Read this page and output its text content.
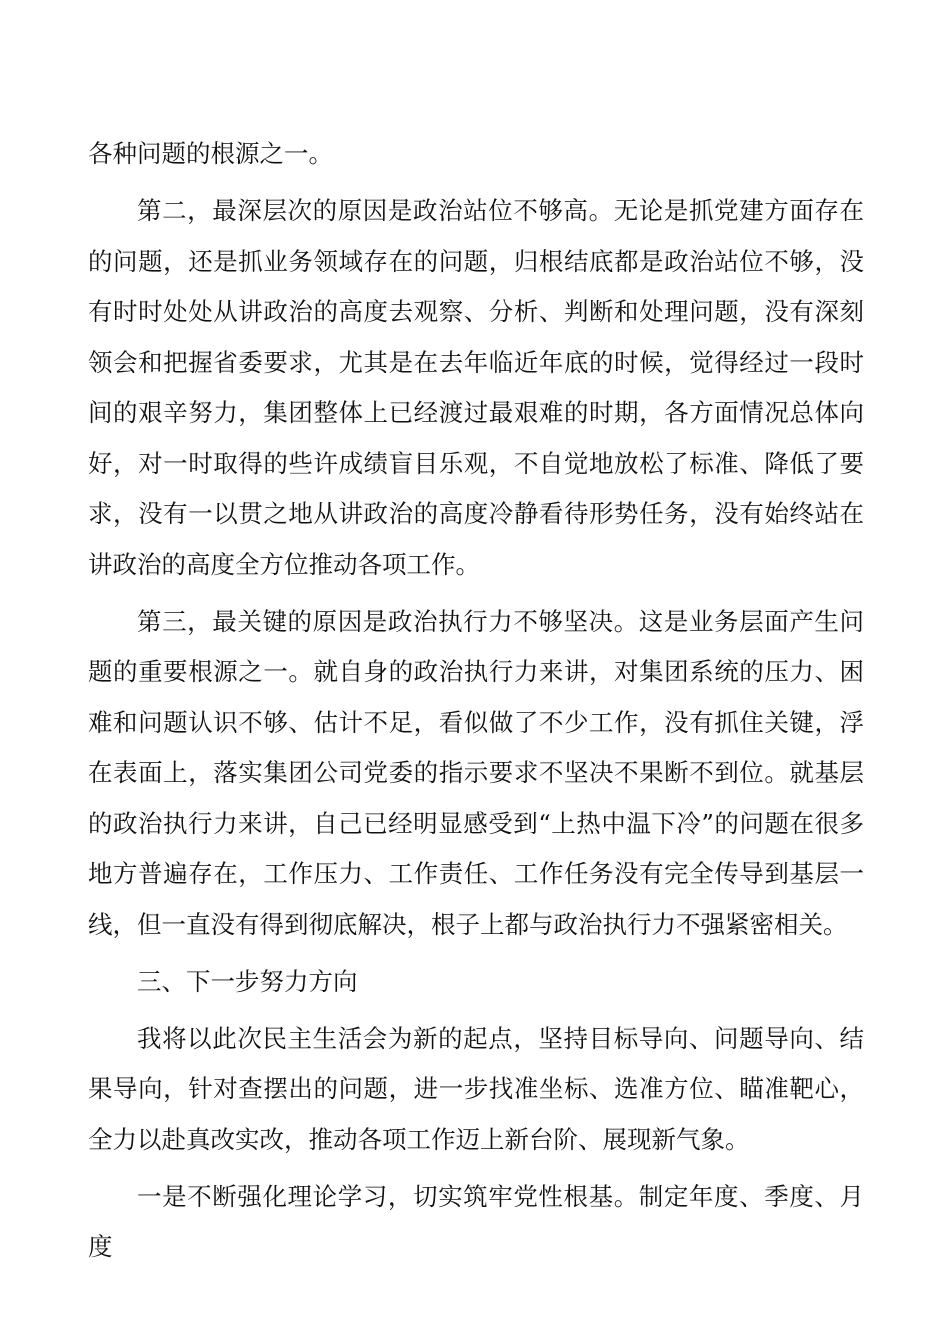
各种问题的根源之一。

第二，最深层次的原因是政治站位不够高。无论是抓党建方面存在的问题，还是抓业务领域存在的问题，归根结底都是政治站位不够，没有时时处处从讲政治的高度去观察、分析、判断和处理问题，没有深刻领会和把握省委要求，尤其是在去年临近年底的时候，觉得经过一段时间的艰辛努力，集团整体上已经渡过最艰难的时期，各方面情况总体向好，对一时取得的些许成绩盲目乐观，不自觉地放松了标准、降低了要求，没有一以贯之地从讲政治的高度冷静看待形势任务，没有始终站在讲政治的高度全方位推动各项工作。

第三，最关键的原因是政治执行力不够坚决。这是业务层面产生问题的重要根源之一。就自身的政治执行力来讲，对集团系统的压力、困难和问题认识不够、估计不足，看似做了不少工作，没有抓住关键，浮在表面上，落实集团公司党委的指示要求不坚决不果断不到位。就基层的政治执行力来讲，自己已经明显感受到“上热中温下冷”的问题在很多地方普遍存在，工作压力、工作责任、工作任务没有完全传导到基层一线，但一直没有得到彻底解决，根子上都与政治执行力不强紧密相关。

三、下一步努力方向

我将以此次民主生活会为新的起点，坚持目标导向、问题导向、结果导向，针对查摆出的问题，进一步找准坐标、选准方位、瞄准靶心，全力以赴真改实改，推动各项工作迈上新台阶、展现新气象。

一是不断强化理论学习，切实筑牢党性根基。制定年度、季度、月度
